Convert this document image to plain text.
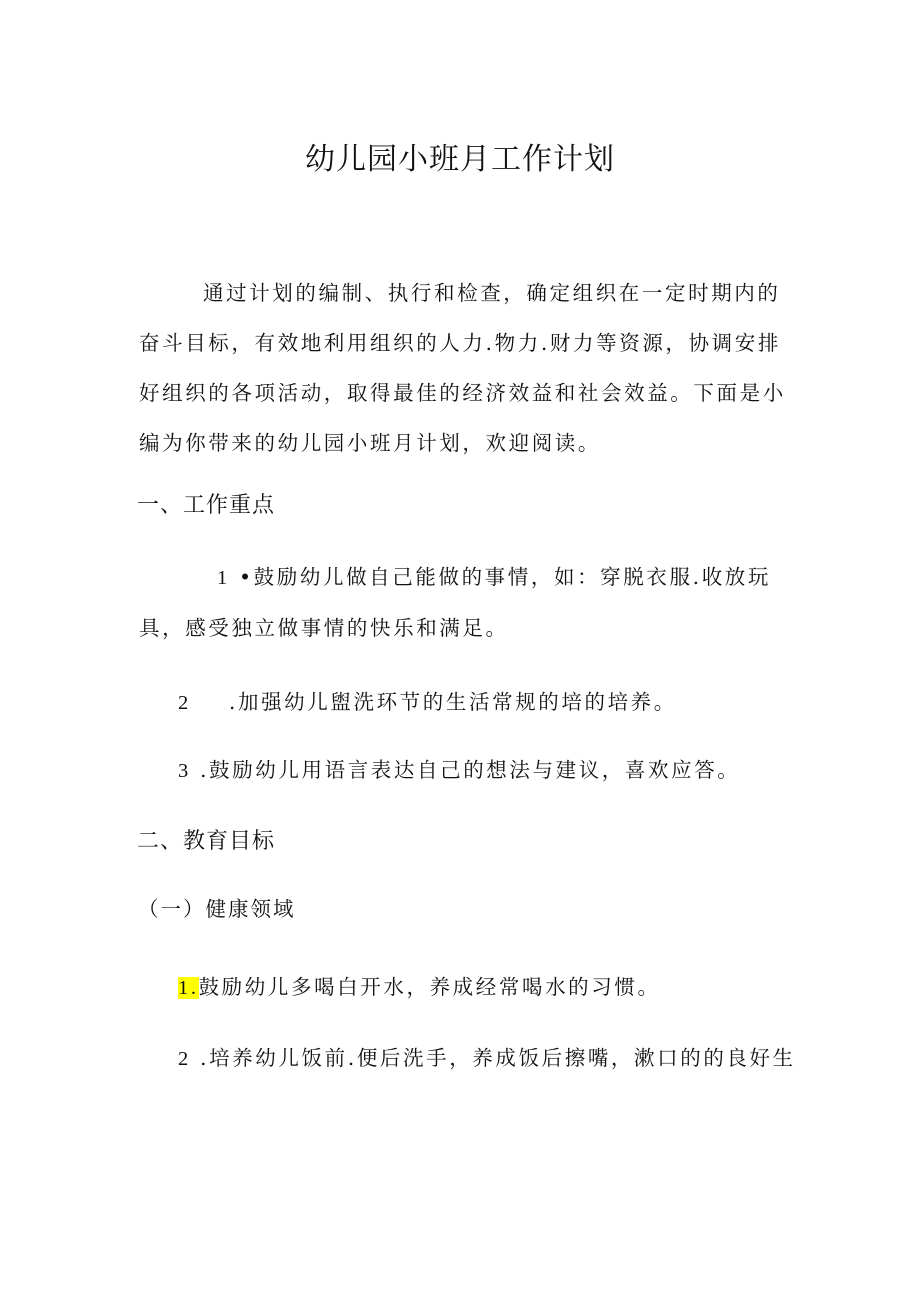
幼儿园小班月工作计划

通过计划的编制、执行和检查，确定组织在一定时期内的奋斗目标，有效地利用组织的人力.物力.财力等资源，协调安排好组织的各项活动，取得最佳的经济效益和社会效益。下面是小编为你带来的幼儿园小班月计划，欢迎阅读。

一、工作重点

1 •鼓励幼儿做自己能做的事情，如：穿脱衣服.收放玩具，感受独立做事情的快乐和满足。

2 .加强幼儿盥洗环节的生活常规的培的培养。
3 .鼓励幼儿用语言表达自己的想法与建议，喜欢应答。
二、教育目标
（一）健康领域
1.鼓励幼儿多喝白开水，养成经常喝水的习惯。
2 .培养幼儿饭前.便后洗手，养成饭后擦嘴，漱口的的良好生
